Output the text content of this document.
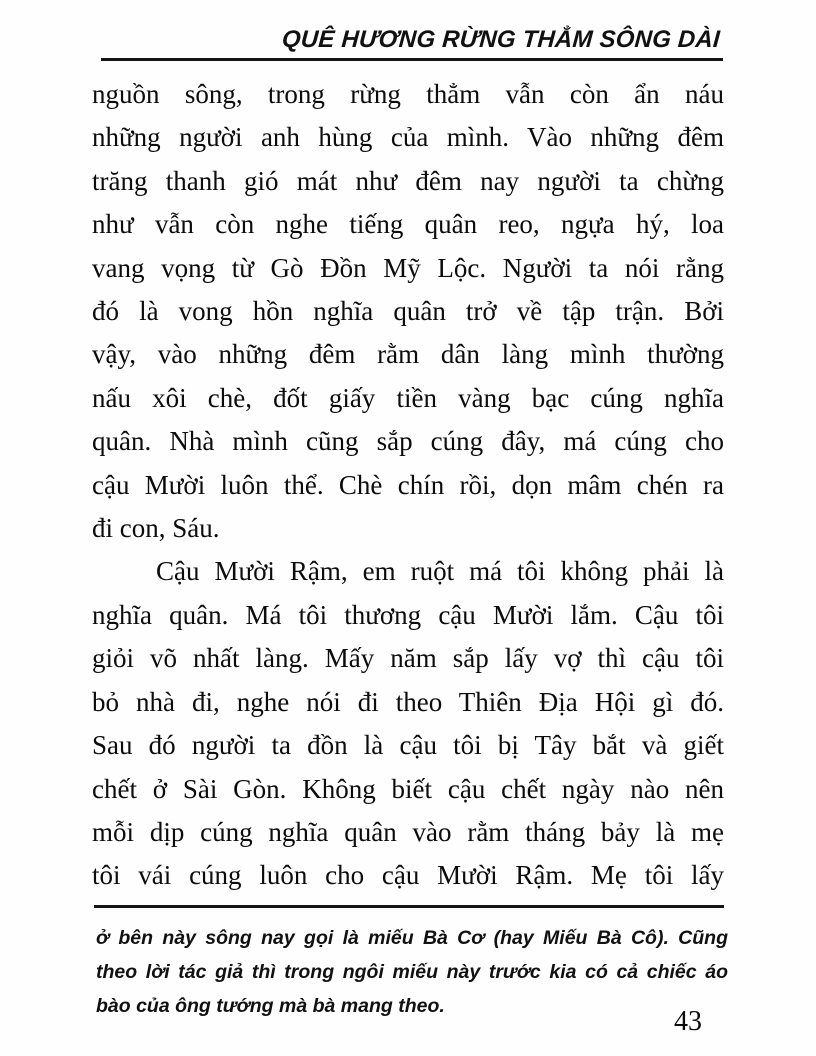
QUÊ HƯƠNG RỪNG THẲM SÔNG DÀI
nguồn sông, trong rừng thẳm vẫn còn ẩn náu
những người anh hùng của mình. Vào những đêm
trăng thanh gió mát như đêm nay người ta chừng
như vẫn còn nghe tiếng quân reo, ngựa hý, loa
vang vọng từ Gò Đồn Mỹ Lộc. Người ta nói rằng
đó là vong hồn nghĩa quân trở về tập trận. Bởi
vậy, vào những đêm rằm dân làng mình thường
nấu xôi chè, đốt giấy tiền vàng bạc cúng nghĩa
quân. Nhà mình cũng sắp cúng đây, má cúng cho
cậu Mười luôn thể. Chè chín rồi, dọn mâm chén ra
đi con, Sáu.
Cậu Mười Rậm, em ruột má tôi không phải là
nghĩa quân. Má tôi thương cậu Mười lắm. Cậu tôi
giỏi võ nhất làng. Mấy năm sắp lấy vợ thì cậu tôi
bỏ nhà đi, nghe nói đi theo Thiên Địa Hội gì đó.
Sau đó người ta đồn là cậu tôi bị Tây bắt và giết
chết ở Sài Gòn. Không biết cậu chết ngày nào nên
mỗi dịp cúng nghĩa quân vào rằm tháng bảy là mẹ
tôi vái cúng luôn cho cậu Mười Rậm. Mẹ tôi lấy
ở bên này sông nay gọi là miếu Bà Cơ (hay Miếu Bà Cô). Cũng
theo lời tác giả thì trong ngôi miếu này trước kia có cả chiếc áo
bào của ông tướng mà bà mang theo.	43
